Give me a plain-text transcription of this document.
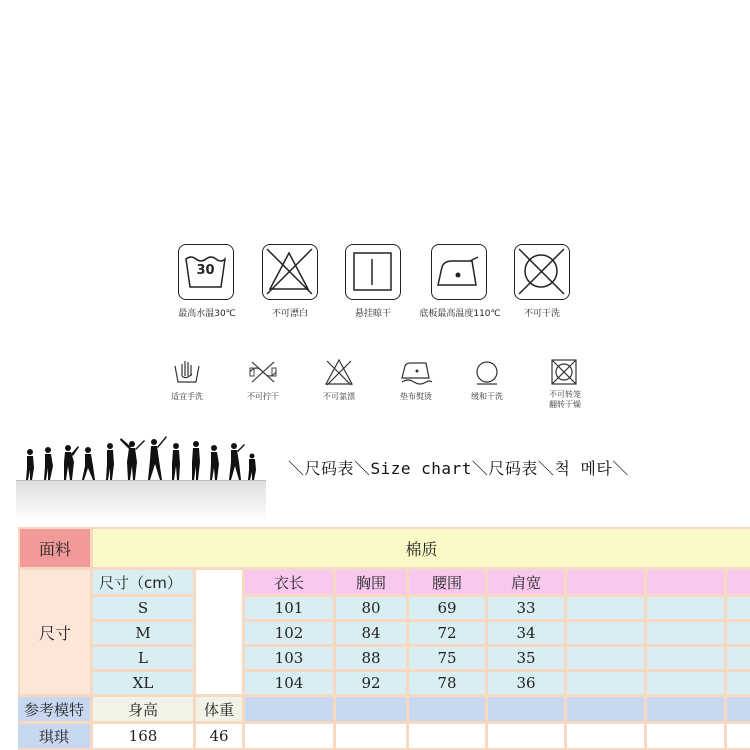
30
最高水温30℃	不可漂白	悬挂晾干	底板最高温度110℃	不可干洗
适宜手洗	不可拧干	不可氯漂	垫布熨烫	缓和干洗	不可转笼
翻转干燥
＼尺码表＼Size chart＼尺码表＼척 메타＼
面料	棉质
尺寸
尺寸（cm）	衣长	胸围	腰围	肩宽
S	101	80	69	33
M	102	84	72	34
L	103	88	75	35
XL	104	92	78	36
参考模特	身高	体重
琪琪	168	46
